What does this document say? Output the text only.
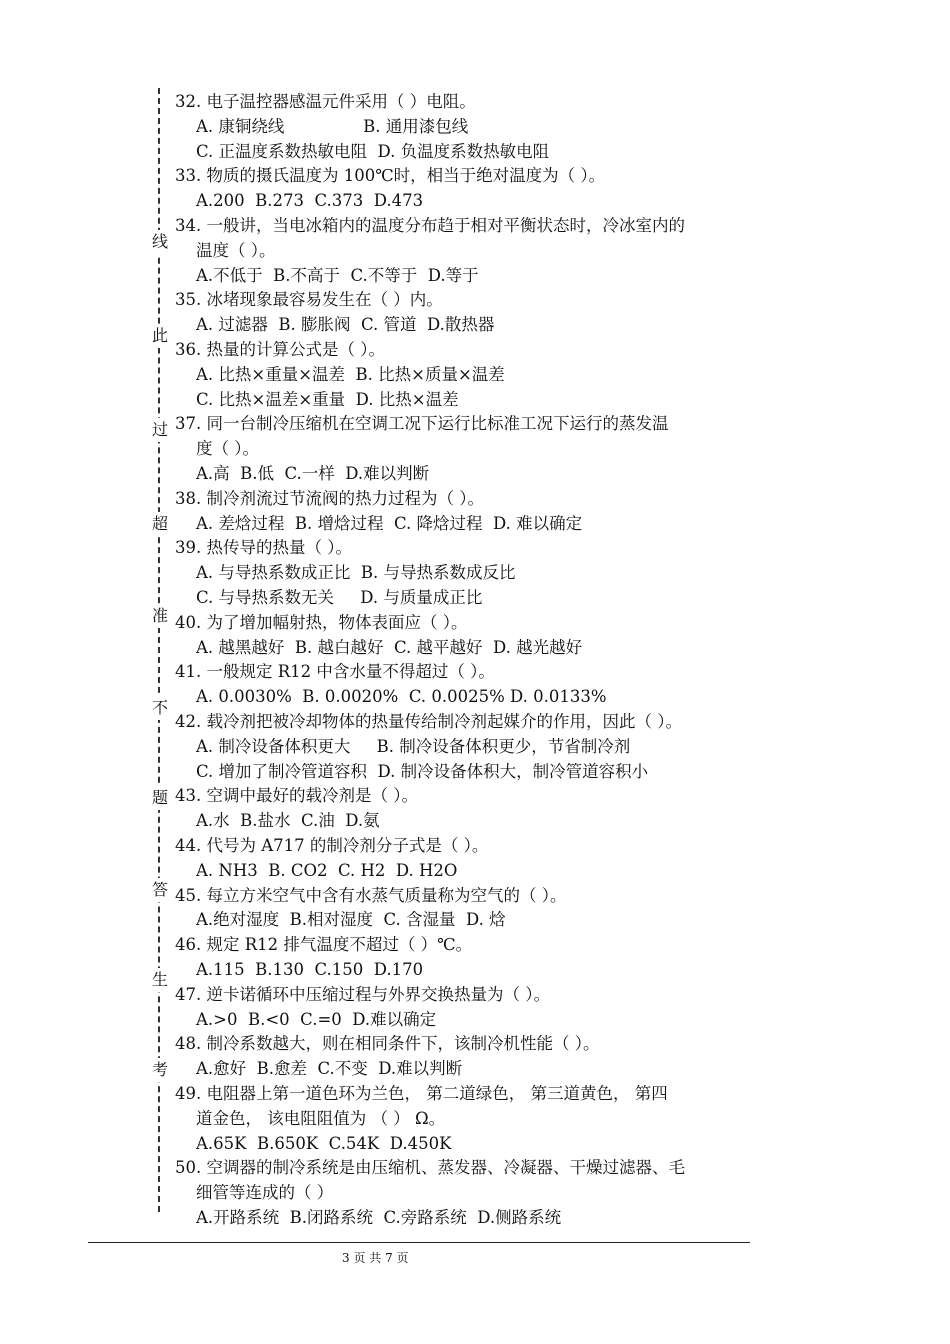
线
此
过
超
准
不
题
答
生
考
32. 电子温控器感温元件采用（ ）电阻。
A. 康铜绕线               B. 通用漆包线
C. 正温度系数热敏电阻  D. 负温度系数热敏电阻
33. 物质的摄氏温度为 100℃时，相当于绝对温度为（ ）。
A.200  B.273  C.373  D.473
34. 一般讲，当电冰箱内的温度分布趋于相对平衡状态时，冷冰室内的
温度（ ）。
A.不低于  B.不高于  C.不等于  D.等于
35. 冰堵现象最容易发生在（ ）内。
A. 过滤器  B. 膨胀阀  C. 管道  D.散热器
36. 热量的计算公式是（ ）。
A. 比热×重量×温差  B. 比热×质量×温差
C. 比热×温差×重量  D. 比热×温差
37. 同一台制冷压缩机在空调工况下运行比标准工况下运行的蒸发温
度（ ）。
A.高  B.低  C.一样  D.难以判断
38. 制冷剂流过节流阀的热力过程为（ ）。
A. 差焓过程  B. 增焓过程  C. 降焓过程  D. 难以确定
39. 热传导的热量（ ）。
A. 与导热系数成正比  B. 与导热系数成反比
C. 与导热系数无关     D. 与质量成正比
40. 为了增加幅射热，物体表面应（ ）。
A. 越黑越好  B. 越白越好  C. 越平越好  D. 越光越好
41. 一般规定 R12 中含水量不得超过（ ）。
A. 0.0030%  B. 0.0020%  C. 0.0025% D. 0.0133%
42. 载冷剂把被冷却物体的热量传给制冷剂起媒介的作用，因此（ ）。
A. 制冷设备体积更大     B. 制冷设备体积更少，节省制冷剂
C. 增加了制冷管道容积  D. 制冷设备体积大，制冷管道容积小
43. 空调中最好的载冷剂是（ ）。
A.水  B.盐水  C.油  D.氨
44. 代号为 A717 的制冷剂分子式是（ ）。
A. NH3  B. CO2  C. H2  D. H2O
45. 每立方米空气中含有水蒸气质量称为空气的（ ）。
A.绝对湿度  B.相对湿度  C. 含湿量  D. 焓
46. 规定 R12 排气温度不超过（ ）℃。
A.115  B.130  C.150  D.170
47. 逆卡诺循环中压缩过程与外界交换热量为（ ）。
A.>0  B.<0  C.=0  D.难以确定
48. 制冷系数越大，则在相同条件下，该制冷机性能（ ）。
A.愈好  B.愈差  C.不变  D.难以判断
49. 电阻器上第一道色环为兰色， 第二道绿色， 第三道黄色， 第四
道金色， 该电阻阻值为 （ ） Ω。
A.65K  B.650K  C.54K  D.450K
50. 空调器的制冷系统是由压缩机、蒸发器、冷凝器、干燥过滤器、毛
细管等连成的（ ）
A.开路系统  B.闭路系统  C.旁路系统  D.侧路系统
3 页 共 7 页
